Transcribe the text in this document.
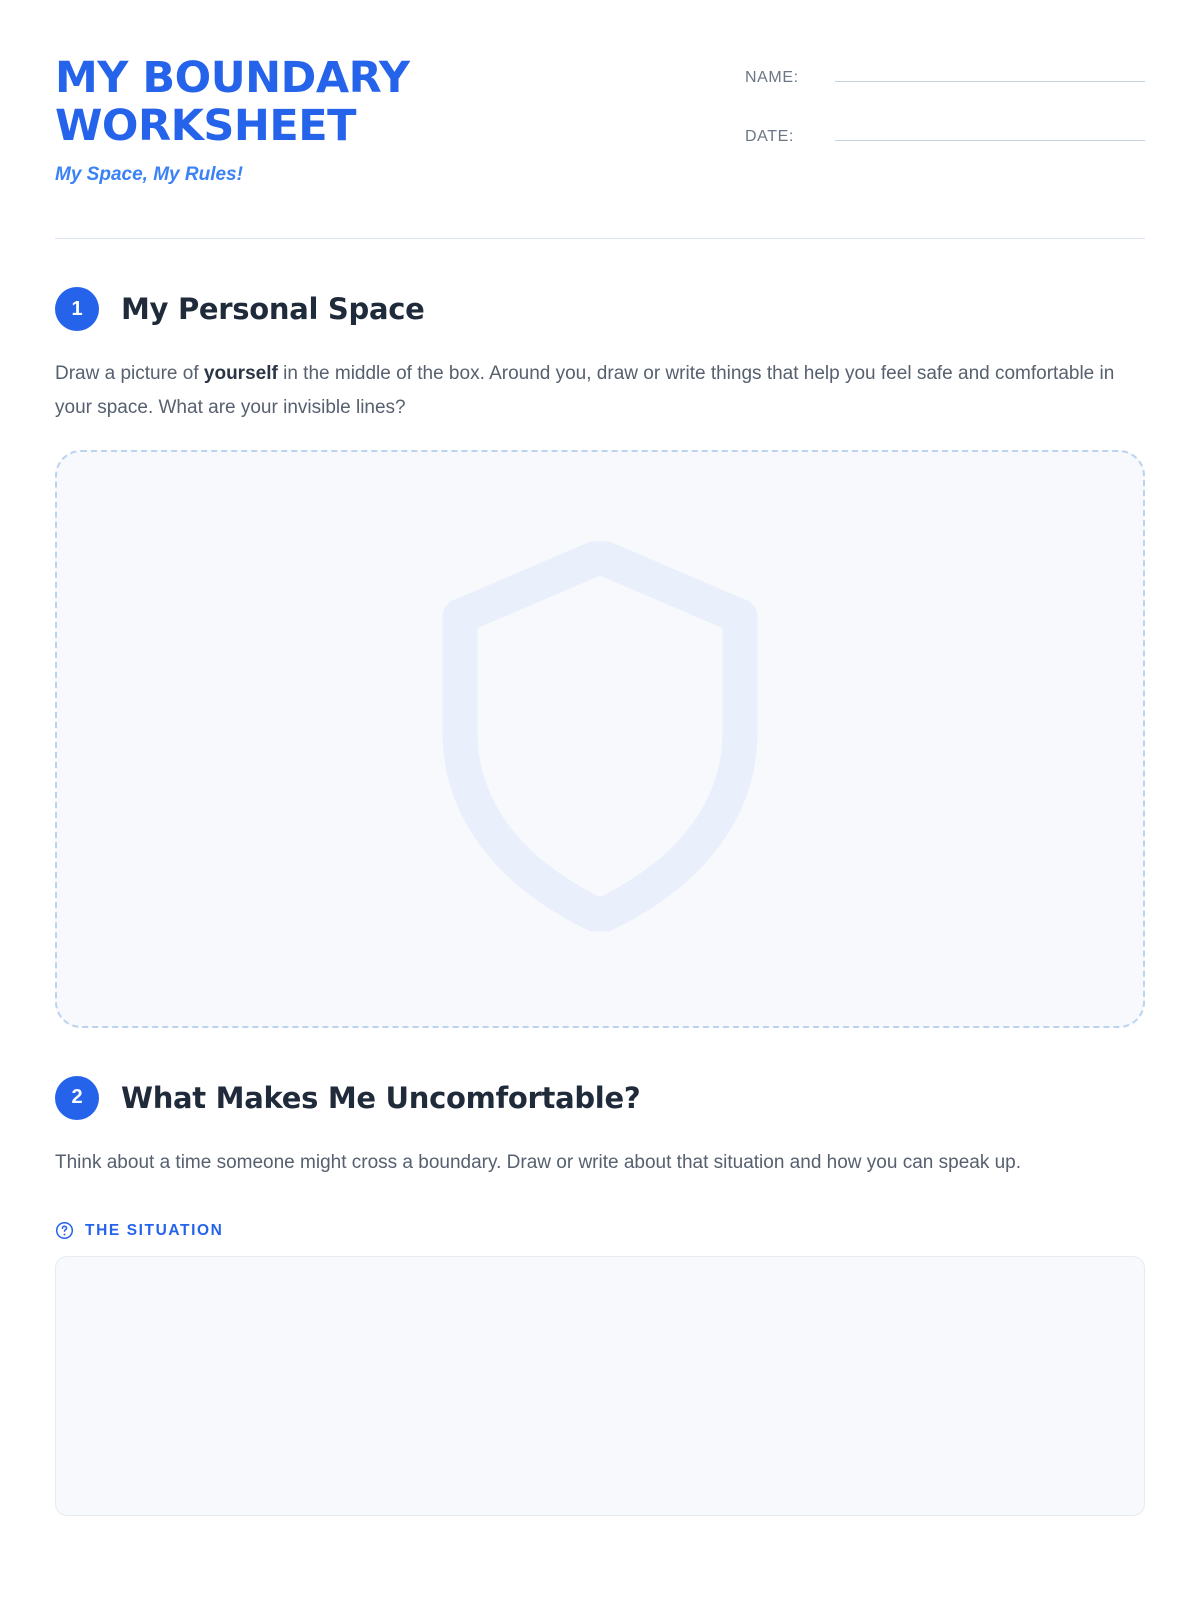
MY BOUNDARY WORKSHEET
My Space, My Rules!
NAME:
DATE:
1	My Personal Space
Draw a picture of yourself in the middle of the box. Around you, draw or write things that help you feel safe and comfortable in your space. What are your invisible lines?
2	What Makes Me Uncomfortable?
Think about a time someone might cross a boundary. Draw or write about that situation and how you can speak up.
THE SITUATION
